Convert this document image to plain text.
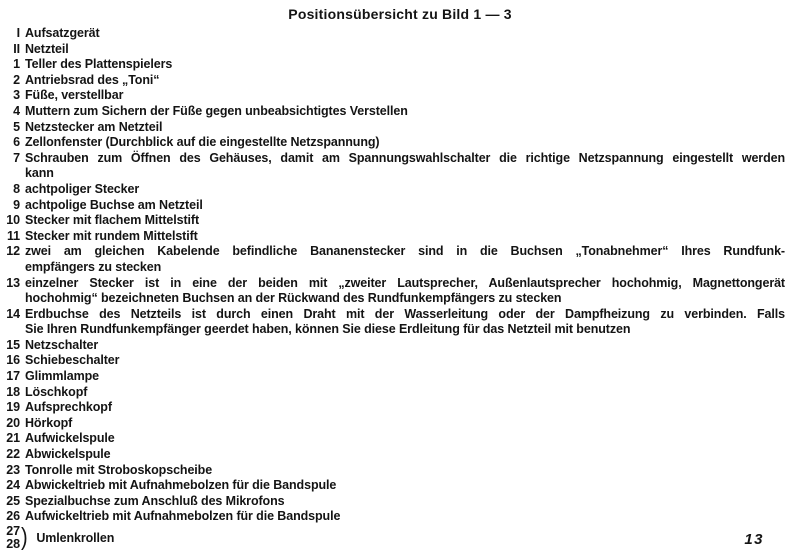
Positionsübersicht zu Bild 1 — 3
I Aufsatzgerät
II Netzteil
1 Teller des Plattenspielers
2 Antriebsrad des „Toni“
3 Füße, verstellbar
4 Muttern zum Sichern der Füße gegen unbeabsichtigtes Verstellen
5 Netzstecker am Netzteil
6 Zellonfenster (Durchblick auf die eingestellte Netzspannung)
7 Schrauben zum Öffnen des Gehäuses, damit am Spannungswahlschalter die richtige Netzspannung eingestellt werden
kann
8 achtpoliger Stecker
9 achtpolige Buchse am Netzteil
10 Stecker mit flachem Mittelstift
11 Stecker mit rundem Mittelstift
12 zwei am gleichen Kabelende befindliche Bananenstecker sind in die Buchsen „Tonabnehmer“ Ihres Rundfunk-
empfängers zu stecken
13 einzelner Stecker ist in eine der beiden mit „zweiter Lautsprecher, Außenlautsprecher hochohmig, Magnettongerät
hochohmig“ bezeichneten Buchsen an der Rückwand des Rundfunkempfängers zu stecken
14 Erdbuchse des Netzteils ist durch einen Draht mit der Wasserleitung oder der Dampfheizung zu verbinden. Falls
Sie Ihren Rundfunkempfänger geerdet haben, können Sie diese Erdleitung für das Netzteil mit benutzen
15 Netzschalter
16 Schiebeschalter
17 Glimmlampe
18 Löschkopf
19 Aufsprechkopf
20 Hörkopf
21 Aufwickelspule
22 Abwickelspule
23 Tonrolle mit Stroboskopscheibe
24 Abwickeltrieb mit Aufnahmebolzen für die Bandspule
25 Spezialbuchse zum Anschluß des Mikrofons
26 Aufwickeltrieb mit Aufnahmebolzen für die Bandspule
27
28 ) Umlenkrollen	13
